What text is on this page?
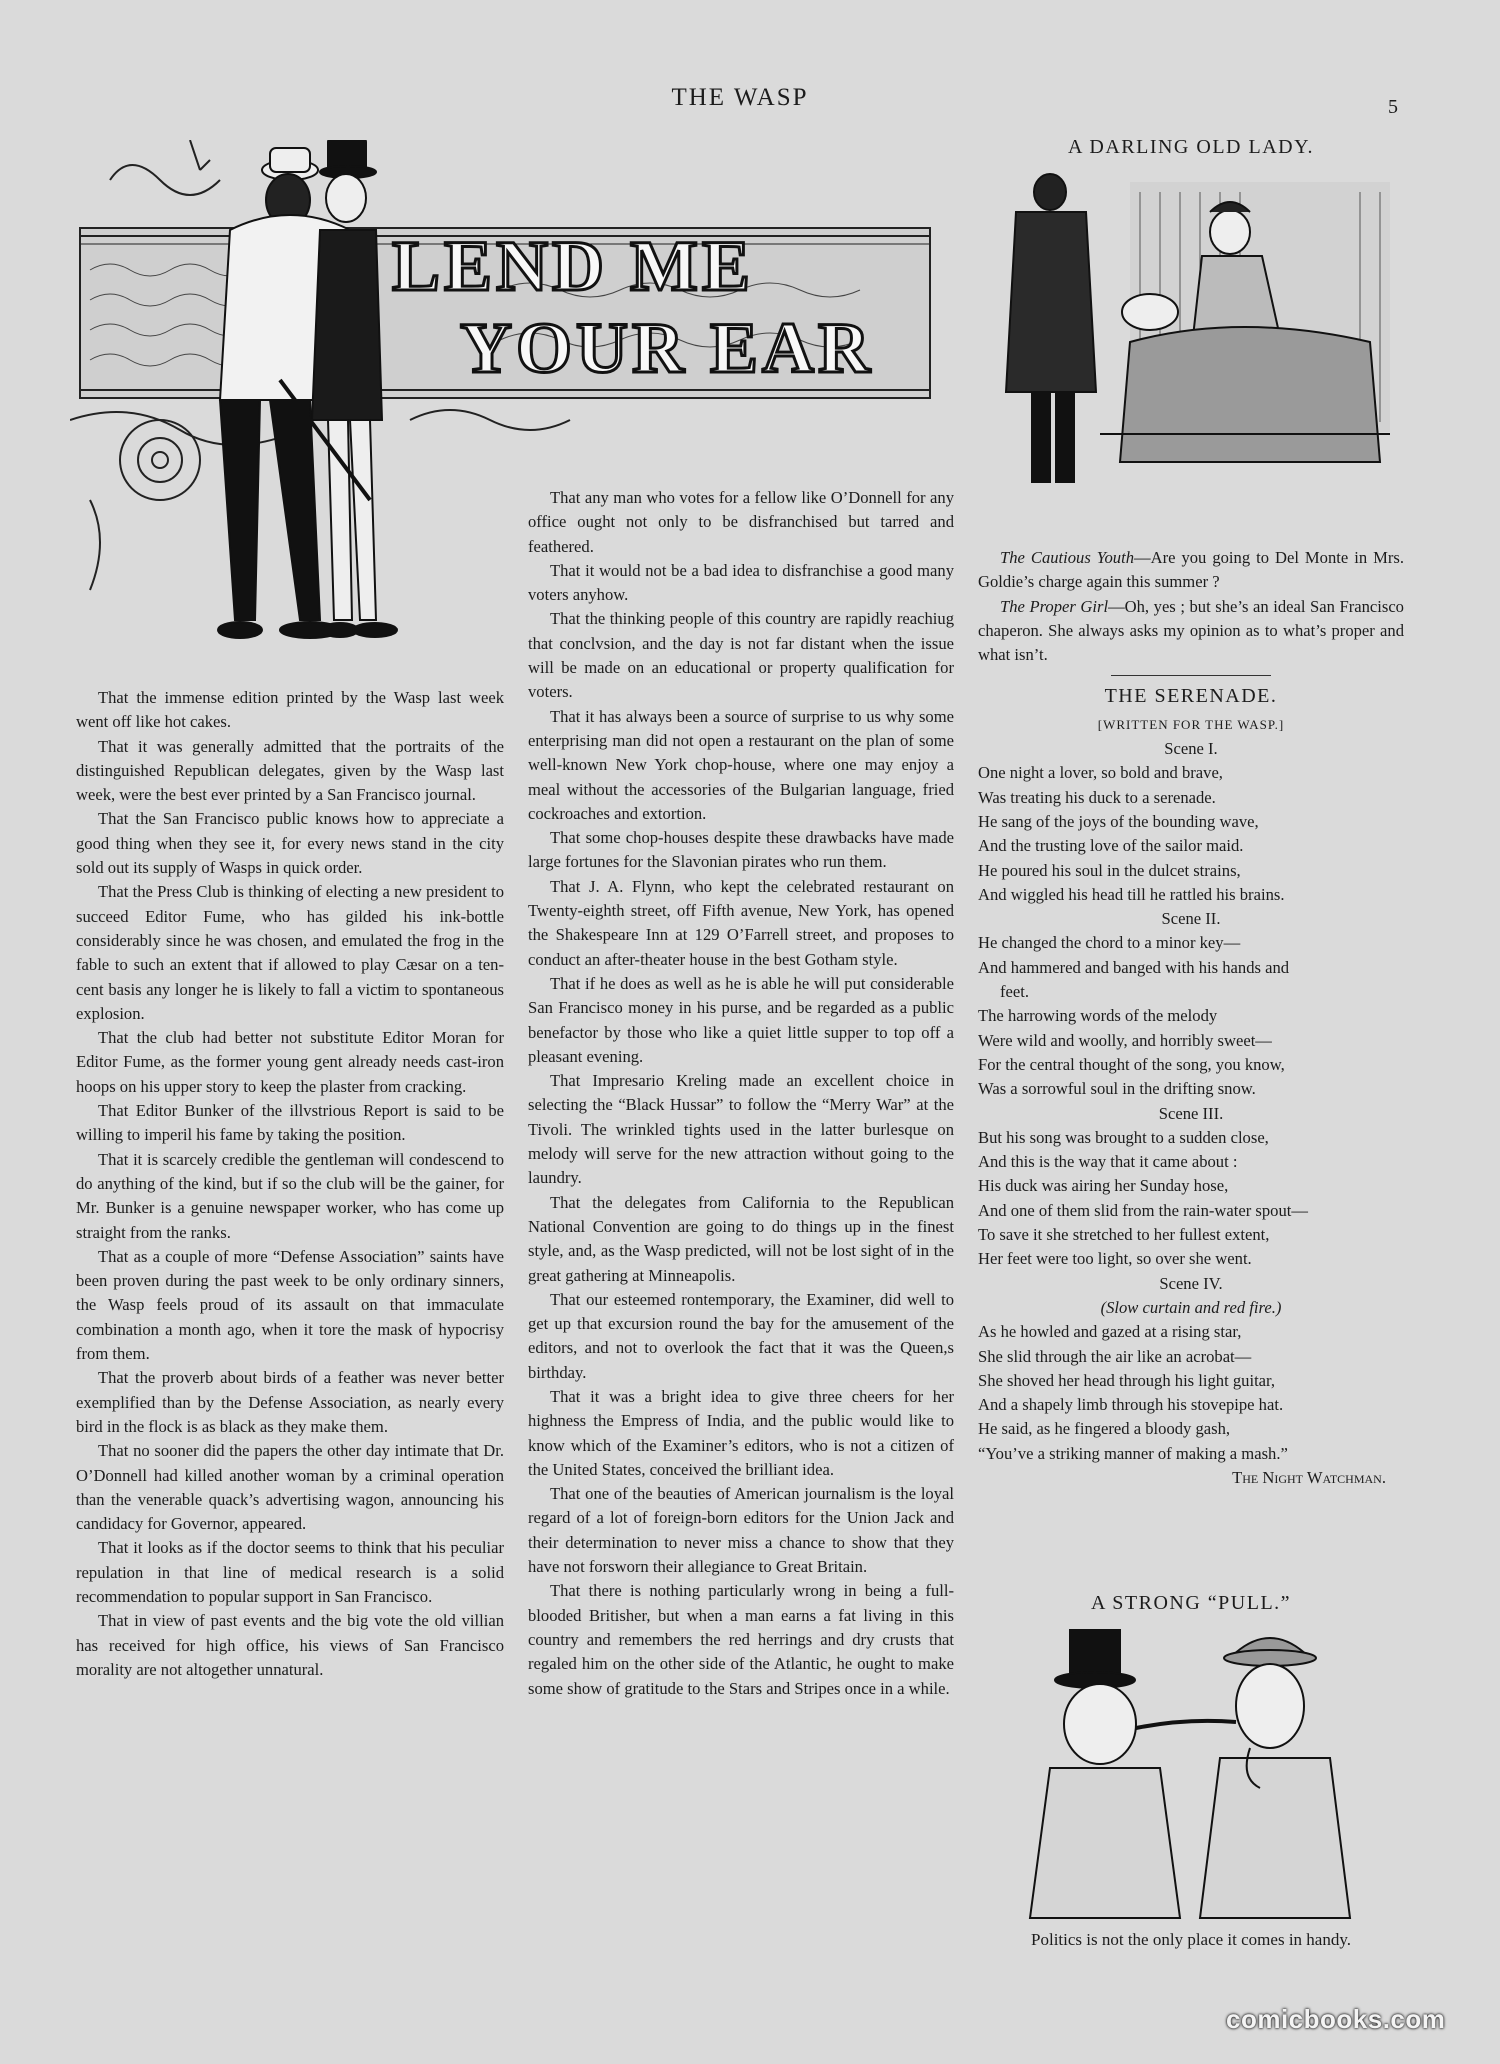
THE WASP	5
LEND ME
YOUR EAR

That the immense edition printed by the Wasp last week went off like hot cakes.

That it was generally admitted that the portraits of the distinguished Republican delegates, given by the Wasp last week, were the best ever printed by a San Francisco journal.

That the San Francisco public knows how to appreciate a good thing when they see it, for every news stand in the city sold out its supply of Wasps in quick order.

That the Press Club is thinking of electing a new president to succeed Editor Fume, who has gilded his ink-bottle considerably since he was chosen, and emulated the frog in the fable to such an extent that if allowed to play Cæsar on a ten-cent basis any longer he is likely to fall a victim to spontaneous explosion.

That the club had better not substitute Editor Moran for Editor Fume, as the former young gent already needs cast-iron hoops on his upper story to keep the plaster from cracking.

That Editor Bunker of the illvstrious Report is said to be willing to imperil his fame by taking the position.

That it is scarcely credible the gentleman will condescend to do anything of the kind, but if so the club will be the gainer, for Mr. Bunker is a genuine newspaper worker, who has come up straight from the ranks.

That as a couple of more “Defense Association” saints have been proven during the past week to be only ordinary sinners, the Wasp feels proud of its assault on that immaculate combination a month ago, when it tore the mask of hypocrisy from them.

That the proverb about birds of a feather was never better exemplified than by the Defense Association, as nearly every bird in the flock is as black as they make them.

That no sooner did the papers the other day intimate that Dr. O’Donnell had killed another woman by a criminal operation than the venerable quack’s advertising wagon, announcing his candidacy for Governor, appeared.

That it looks as if the doctor seems to think that his peculiar repulation in that line of medical research is a solid recommendation to popular support in San Francisco.

That in view of past events and the big vote the old villian has received for high office, his views of San Francisco morality are not altogether unnatural.

That any man who votes for a fellow like O’Donnell for any office ought not only to be disfranchised but tarred and feathered.

That it would not be a bad idea to disfranchise a good many voters anyhow.

That the thinking people of this country are rapidly reachiug that conclvsion, and the day is not far distant when the issue will be made on an educational or property qualification for voters.

That it has always been a source of surprise to us why some enterprising man did not open a restaurant on the plan of some well-known New York chop-house, where one may enjoy a meal without the accessories of the Bulgarian language, fried cockroaches and extortion.

That some chop-houses despite these drawbacks have made large fortunes for the Slavonian pirates who run them.

That J. A. Flynn, who kept the celebrated restaurant on Twenty-eighth street, off Fifth avenue, New York, has opened the Shakespeare Inn at 129 O’Farrell street, and proposes to conduct an after-theater house in the best Gotham style.

That if he does as well as he is able he will put considerable San Francisco money in his purse, and be regarded as a public benefactor by those who like a quiet little supper to top off a pleasant evening.

That Impresario Kreling made an excellent choice in selecting the “Black Hussar” to follow the “Merry War” at the Tivoli. The wrinkled tights used in the latter burlesque on melody will serve for the new attraction without going to the laundry.

That the delegates from California to the Republican National Convention are going to do things up in the finest style, and, as the Wasp predicted, will not be lost sight of in the great gathering at Minneapolis.

That our esteemed rontemporary, the Examiner, did well to get up that excursion round the bay for the amusement of the editors, and not to overlook the fact that it was the Queen,s birthday.

That it was a bright idea to give three cheers for her highness the Empress of India, and the public would like to know which of the Examiner’s editors, who is not a citizen of the United States, conceived the brilliant idea.

That one of the beauties of American journalism is the loyal regard of a lot of foreign-born editors for the Union Jack and their determination to never miss a chance to show that they have not forsworn their allegiance to Great Britain.

That there is nothing particularly wrong in being a full-blooded Britisher, but when a man earns a fat living in this country and remembers the red herrings and dry crusts that regaled him on the other side of the Atlantic, he ought to make some show of gratitude to the Stars and Stripes once in a while.

A DARLING OLD LADY.

The Cautious Youth—Are you going to Del Monte in Mrs. Goldie’s charge again this summer ?

The Proper Girl—Oh, yes ; but she’s an ideal San Francisco chaperon. She always asks my opinion as to what’s proper and what isn’t.

THE SERENADE.

[WRITTEN FOR THE WASP.]

Scene I.

One night a lover, so bold and brave,

Was treating his duck to a serenade.

He sang of the joys of the bounding wave,

And the trusting love of the sailor maid.

He poured his soul in the dulcet strains,

And wiggled his head till he rattled his brains.

Scene II.

He changed the chord to a minor key—

And hammered and banged with his hands and

feet.

The harrowing words of the melody

Were wild and woolly, and horribly sweet—

For the central thought of the song, you know,

Was a sorrowful soul in the drifting snow.

Scene III.

But his song was brought to a sudden close,

And this is the way that it came about :

His duck was airing her Sunday hose,

And one of them slid from the rain-water spout—

To save it she stretched to her fullest extent,

Her feet were too light, so over she went.

Scene IV.

(Slow curtain and red fire.)

As he howled and gazed at a rising star,

She slid through the air like an acrobat—

She shoved her head through his light guitar,

And a shapely limb through his stovepipe hat.

He said, as he fingered a bloody gash,

“You’ve a striking manner of making a mash.”

The Night Watchman.

A STRONG “PULL.”
Politics is not the only place it comes in handy.
comicbooks.com
